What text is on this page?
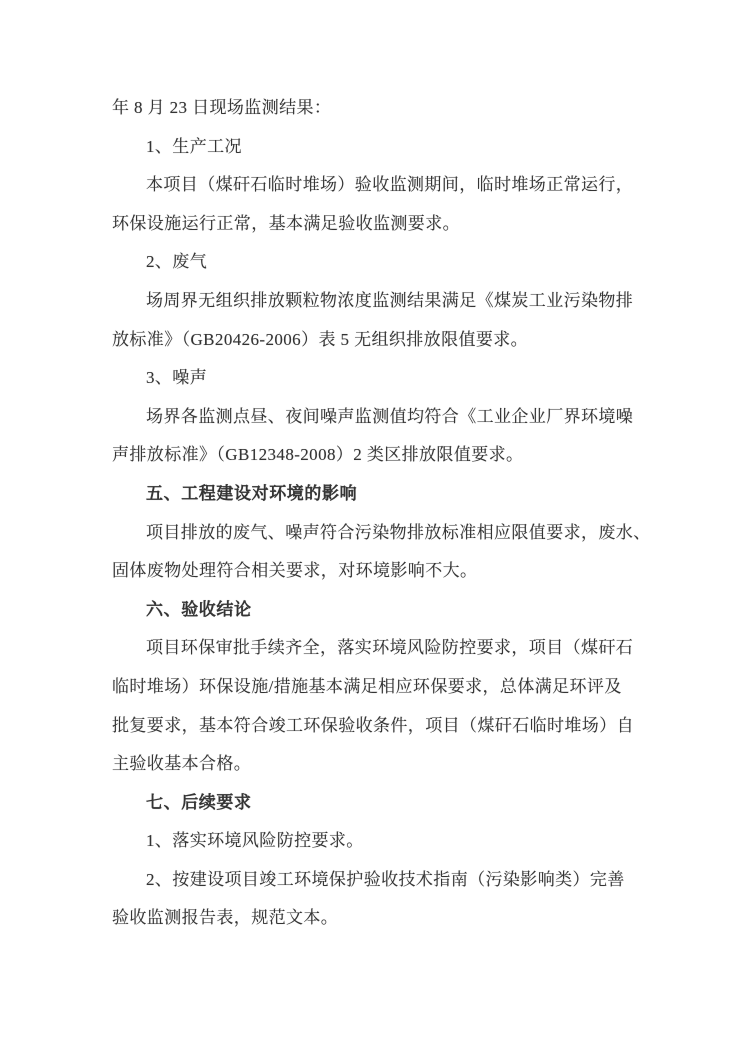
年 8 月 23 日现场监测结果：
1、生产工况
本项目（煤矸石临时堆场）验收监测期间，临时堆场正常运行，
环保设施运行正常，基本满足验收监测要求。
2、废气
场周界无组织排放颗粒物浓度监测结果满足《煤炭工业污染物排
放标准》（GB20426-2006）表 5 无组织排放限值要求。
3、噪声
场界各监测点昼、夜间噪声监测值均符合《工业企业厂界环境噪
声排放标准》（GB12348-2008）2 类区排放限值要求。
五、工程建设对环境的影响
项目排放的废气、噪声符合污染物排放标准相应限值要求，废水、
固体废物处理符合相关要求，对环境影响不大。
六、验收结论
项目环保审批手续齐全，落实环境风险防控要求，项目（煤矸石
临时堆场）环保设施/措施基本满足相应环保要求，总体满足环评及
批复要求，基本符合竣工环保验收条件，项目（煤矸石临时堆场）自
主验收基本合格。
七、后续要求
1、落实环境风险防控要求。
2、按建设项目竣工环境保护验收技术指南（污染影响类）完善
验收监测报告表，规范文本。
